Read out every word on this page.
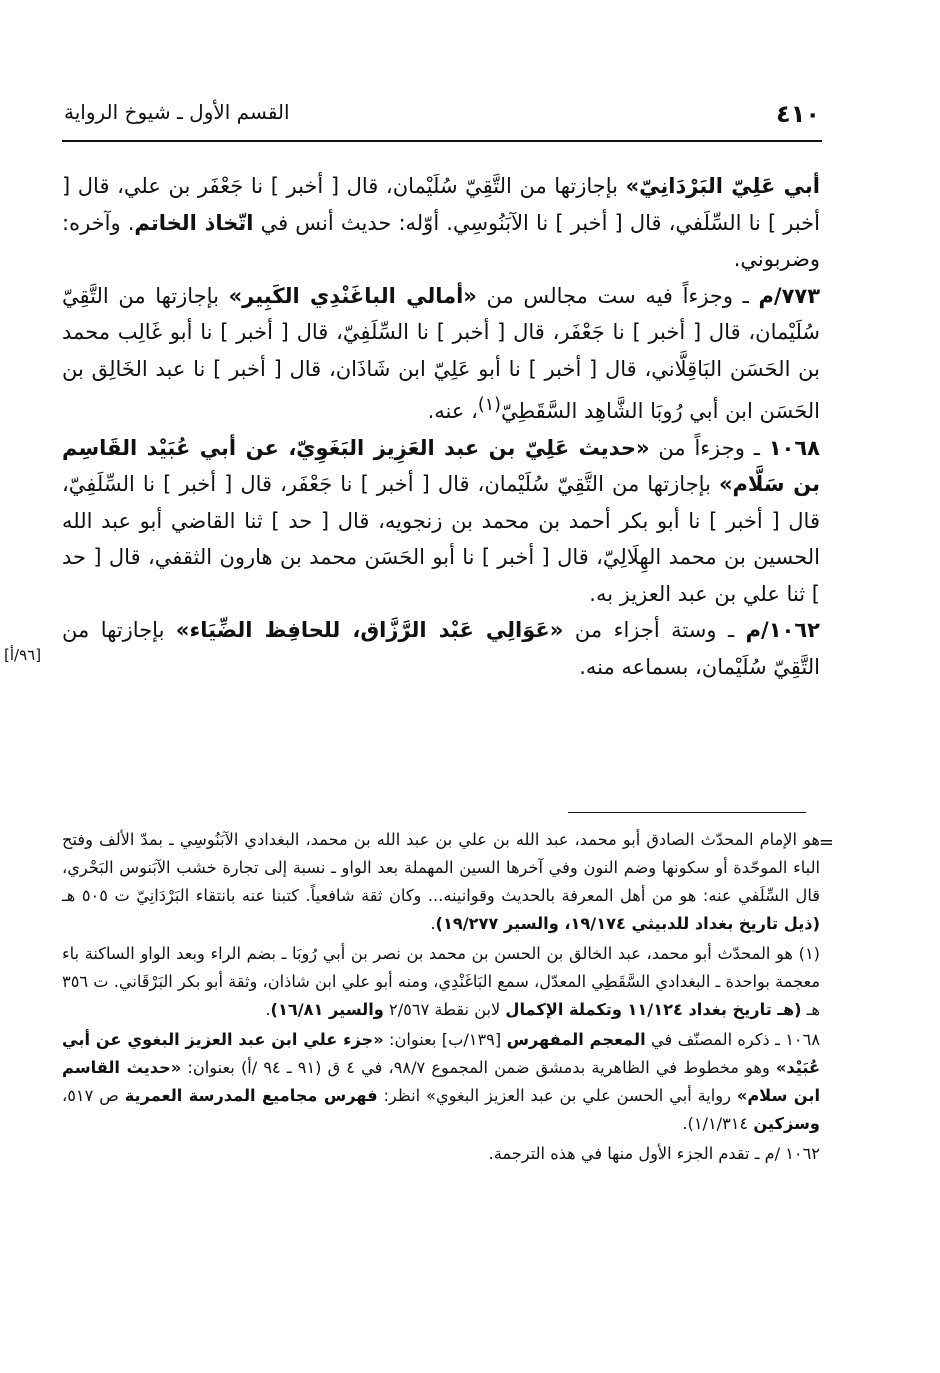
٤١٠
القسم الأول ـ شيوخ الرواية

أبي عَلِيّ البَرْدَانِيّ» بإجازتها من التَّقِيّ سُلَيْمان، قال [ أخبر ] نا جَعْفَر بن علي، قال [ أخبر ] نا السِّلَفي، قال [ أخبر ] نا الآبَنُوسِي. أوّله: حديث أنس في اتّخاذ الخاتم. وآخره: وضربوني.

٧٧٣/م ـ وجزءاً فيه ست مجالس من «أمالي الباغَنْدِي الكَبِير» بإجازتها من التَّقِيّ سُلَيْمان، قال [ أخبر ] نا جَعْفَر، قال [ أخبر ] نا السِّلَفِيّ، قال [ أخبر ] نا أبو غَالِب محمد بن الحَسَن البَاقِلَّاني، قال [ أخبر ] نا أبو عَلِيّ ابن شَاذَان، قال [ أخبر ] نا عبد الخَالِق بن الحَسَن ابن أبي رُوبَا الشَّاهِد السَّقَطِيّ$^{(١)}$، عنه.

١٠٦٨ ـ وجزءاً من «حديث عَلِيّ بن عبد العَزِيز البَغَوِيّ، عن أبي عُبَيْد القَاسِم بن سَلَّام» بإجازتها من التَّقِيّ سُلَيْمان، قال [ أخبر ] نا جَعْفَر، قال [ أخبر ] نا السِّلَفِيّ، قال [ أخبر ] نا أبو بكر أحمد بن محمد بن زنجويه، قال [ حد ] ثنا القاضي أبو عبد الله الحسين بن محمد الهِلَالِيّ، قال [ أخبر ] نا أبو الحَسَن محمد بن هارون الثقفي، قال [ حد ] ثنا علي بن عبد العزيز به.

١٠٦٢/م ـ وستة أجزاء من «عَوَالِي عَبْد الرَّزَّاق، للحافِظ الضِّيَاء» بإجازتها من التَّقِيّ سُلَيْمان، بسماعه منه.

[٩٦/أ]
=

هو الإمام المحدّث الصادق أبو محمد، عبد الله بن علي بن عبد الله بن محمد، البغدادي الآبَنُوسِي ـ بمدّ الألف وفتح الباء الموحّدة أو سكونها وضم النون وفي آخرها السين المهملة بعد الواو ـ نسبة إلى تجارة خشب الآبَنوس البَحْري، قال السِّلَفي عنه: هو من أهل المعرفة بالحديث وقوانينه... وكان ثقة شافعياً. كتبنا عنه بانتقاء البَرْدَانِيّ ت ٥٠٥ هـ (ذيل تاريخ بغداد للدبيثي ١٩/١٧٤، والسير ١٩/٢٧٧).

(١) هو المحدّث أبو محمد، عبد الخالق بن الحسن بن محمد بن نصر بن أبي رُوبَا ـ بضم الراء وبعد الواو الساكنة باء معجمة بواحدة ـ البغدادي السَّقَطِي المعدّل، سمع البَاغَنْدِي، ومنه أبو علي ابن شاذان، وثقة أبو بكر البَرْقَاني. ت ٣٥٦ هـ (هـ تاريخ بغداد ١١/١٢٤ وتكملة الإكمال لابن نقطة ٢/٥٦٧ والسير ١٦/٨١).

١٠٦٨ ـ ذكره المصنّف في المعجم المفهرس [١٣٩/ب] بعنوان: «جزء علي ابن عبد العزيز البغوي عن أبي عُبَيْد» وهو مخطوط في الظاهرية بدمشق ضمن المجموع ٩٨/٧، في ٤ ق (٩١ ـ ٩٤ /أ) بعنوان: «حديث القاسم ابن سلام» رواية أبي الحسن علي بن عبد العزيز البغوي» انظر: فهرس مجاميع المدرسة العمرية ص ٥١٧، وسزكين ١/١/٣١٤).

١٠٦٢ /م ـ تقدم الجزء الأول منها في هذه الترجمة.
